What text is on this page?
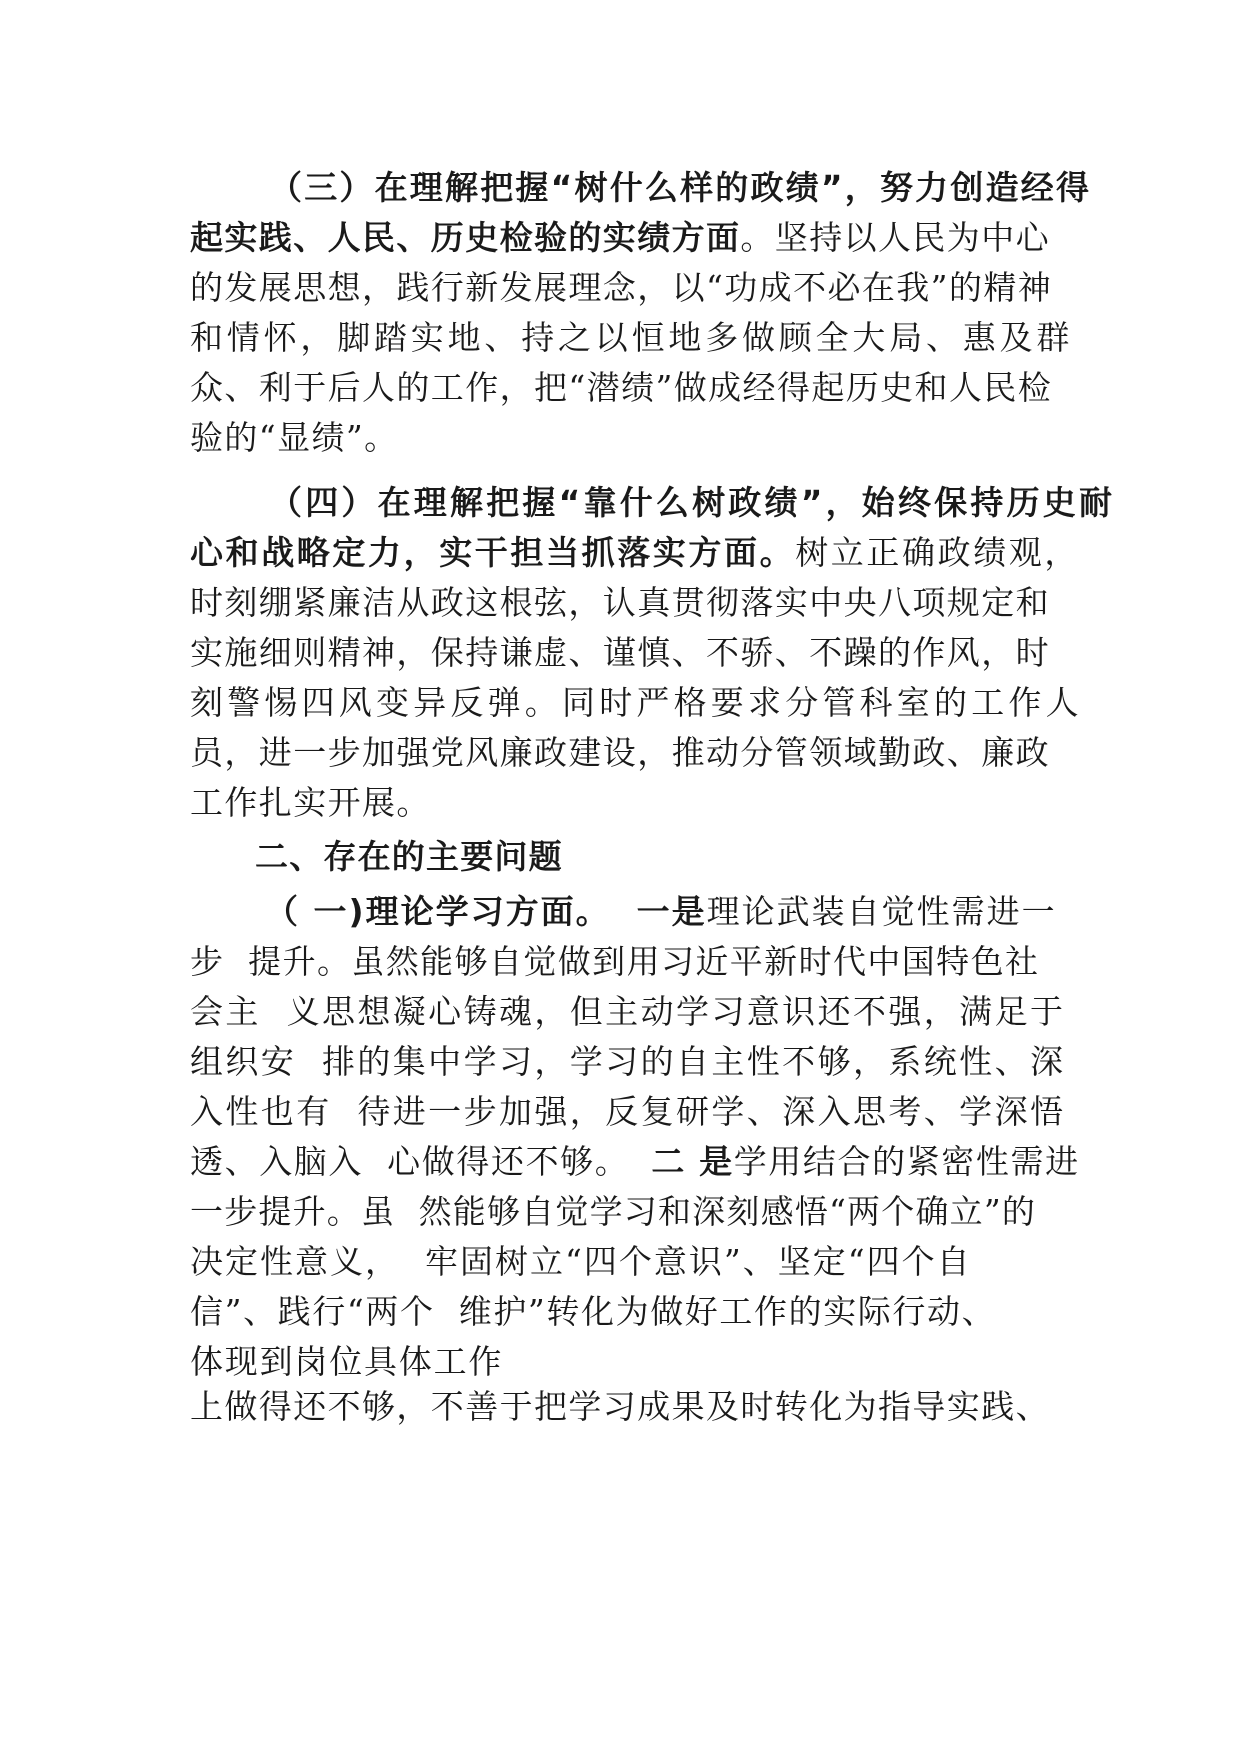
（三）在理解把握“树什么样的政绩”，努力创造经得
起实践、人民、历史检验的实绩方面。坚持以人民为中心
的发展思想，践行新发展理念，以“功成不必在我”的精神
和情怀，脚踏实地、持之以恒地多做顾全大局、惠及群
众、利于后人的工作，把“潜绩”做成经得起历史和人民检
验的“显绩”。
（四）在理解把握“靠什么树政绩”，始终保持历史耐
心和战略定力，实干担当抓落实方面。树立正确政绩观，
时刻绷紧廉洁从政这根弦，认真贯彻落实中央八项规定和
实施细则精神，保持谦虚、谨慎、不骄、不躁的作风，时
刻警惕四风变异反弹。同时严格要求分管科室的工作人
员，进一步加强党风廉政建设，推动分管领域勤政、廉政
工作扎实开展。
二、存在的主要问题
（ 一)理论学习方面。 一是理论武装自觉性需进一
步  提升。虽然能够自觉做到用习近平新时代中国特色社
会主  义思想凝心铸魂，但主动学习意识还不强，满足于
组织安  排的集中学习，学习的自主性不够，系统性、深
入性也有  待进一步加强，反复研学、深入思考、学深悟
透、入脑入  心做得还不够。 二 是学用结合的紧密性需进
一步提升。虽  然能够自觉学习和深刻感悟“两个确立”的
决定性意义，  牢固树立“四个意识”、坚定“四个自
信”、践行“两个  维护”转化为做好工作的实际行动、
体现到岗位具体工作
上做得还不够，不善于把学习成果及时转化为指导实践、
